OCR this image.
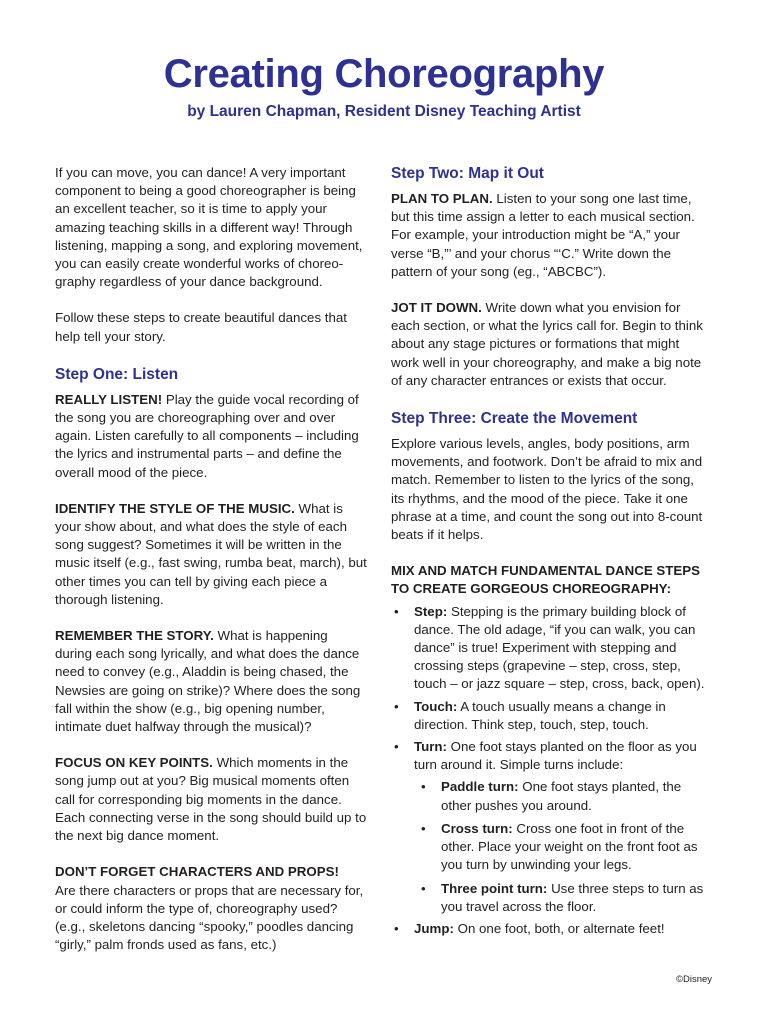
Creating Choreography

by Lauren Chapman, Resident Disney Teaching Artist

If you can move, you can dance! A very important component to being a good choreographer is being an excellent teacher, so it is time to apply your amazing teaching skills in a different way! Through listening, mapping a song, and exploring movement, you can easily create wonderful works of choreo-graphy regardless of your dance background.

Follow these steps to create beautiful dances that help tell your story.

Step One: Listen

REALLY LISTEN! Play the guide vocal recording of the song you are choreographing over and over again. Listen carefully to all components – including the lyrics and instrumental parts – and define the overall mood of the piece.

IDENTIFY THE STYLE OF THE MUSIC. What is your show about, and what does the style of each song suggest? Sometimes it will be written in the music itself (e.g., fast swing, rumba beat, march), but other times you can tell by giving each piece a thorough listening.

REMEMBER THE STORY. What is happening during each song lyrically, and what does the dance need to convey (e.g., Aladdin is being chased, the Newsies are going on strike)? Where does the song fall within the show (e.g., big opening number, intimate duet halfway through the musical)?

FOCUS ON KEY POINTS. Which moments in the song jump out at you? Big musical moments often call for corresponding big moments in the dance. Each connecting verse in the song should build up to the next big dance moment.

DON’T FORGET CHARACTERS AND PROPS!

Are there characters or props that are necessary for, or could inform the type of, choreography used? (e.g., skeletons dancing “spooky,” poodles dancing “girly,” palm fronds used as fans, etc.)

Step Two: Map it Out

PLAN TO PLAN. Listen to your song one last time, but this time assign a letter to each musical section. For example, your introduction might be “A,” your verse “B,”’ and your chorus “‘C.” Write down the pattern of your song (eg., “ABCBC”).

JOT IT DOWN. Write down what you envision for each section, or what the lyrics call for. Begin to think about any stage pictures or formations that might work well in your choreography, and make a big note of any character entrances or exists that occur.

Step Three: Create the Movement

Explore various levels, angles, body positions, arm movements, and footwork. Don’t be afraid to mix and match. Remember to listen to the lyrics of the song, its rhythms, and the mood of the piece. Take it one phrase at a time, and count the song out into 8-count beats if it helps.

MIX AND MATCH FUNDAMENTAL DANCE STEPS TO CREATE GORGEOUS CHOREOGRAPHY:

• Step: Stepping is the primary building block of dance. The old adage, “if you can walk, you can dance” is true! Experiment with stepping and crossing steps (grapevine – step, cross, step, touch – or jazz square – step, cross, back, open).
• Touch: A touch usually means a change in direction. Think step, touch, step, touch.
• Turn: One foot stays planted on the floor as you turn around it. Simple turns include:
• Paddle turn: One foot stays planted, the other pushes you around.
• Cross turn: Cross one foot in front of the other. Place your weight on the front foot as you turn by unwinding your legs.
• Three point turn: Use three steps to turn as you travel across the floor.
• Jump: On one foot, both, or alternate feet!
©Disney
